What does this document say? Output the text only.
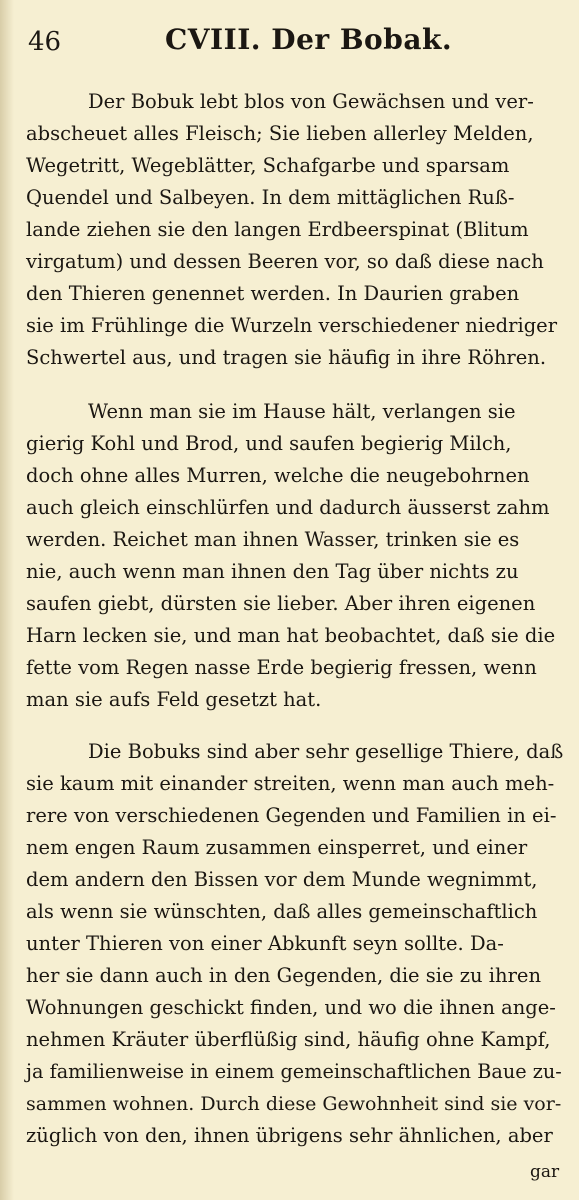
46	CVIII. Der Bobak.
Der Bobuk lebt blos von Gewächsen und ver-
abscheuet alles Fleisch; Sie lieben allerley Melden,
Wegetritt, Wegeblätter, Schafgarbe und sparsam
Quendel und Salbeyen. In dem mittäglichen Ruß-
lande ziehen sie den langen Erdbeerspinat (Blitum
virgatum) und dessen Beeren vor, so daß diese nach
den Thieren genennet werden. In Daurien graben
sie im Frühlinge die Wurzeln verschiedener niedriger
Schwertel aus, und tragen sie häufig in ihre Röhren.
Wenn man sie im Hause hält, verlangen sie
gierig Kohl und Brod, und saufen begierig Milch,
doch ohne alles Murren, welche die neugebohrnen
auch gleich einschlürfen und dadurch äusserst zahm
werden. Reichet man ihnen Wasser, trinken sie es
nie, auch wenn man ihnen den Tag über nichts zu
saufen giebt, dürsten sie lieber. Aber ihren eigenen
Harn lecken sie, und man hat beobachtet, daß sie die
fette vom Regen nasse Erde begierig fressen, wenn
man sie aufs Feld gesetzt hat.
Die Bobuks sind aber sehr gesellige Thiere, daß
sie kaum mit einander streiten, wenn man auch meh-
rere von verschiedenen Gegenden und Familien in ei-
nem engen Raum zusammen einsperret, und einer
dem andern den Bissen vor dem Munde wegnimmt,
als wenn sie wünschten, daß alles gemeinschaftlich
unter Thieren von einer Abkunft seyn sollte. Da-
her sie dann auch in den Gegenden, die sie zu ihren
Wohnungen geschickt finden, und wo die ihnen ange-
nehmen Kräuter überflüßig sind, häufig ohne Kampf,
ja familienweise in einem gemeinschaftlichen Baue zu-
sammen wohnen. Durch diese Gewohnheit sind sie vor-
züglich von den, ihnen übrigens sehr ähnlichen, aber
gar
